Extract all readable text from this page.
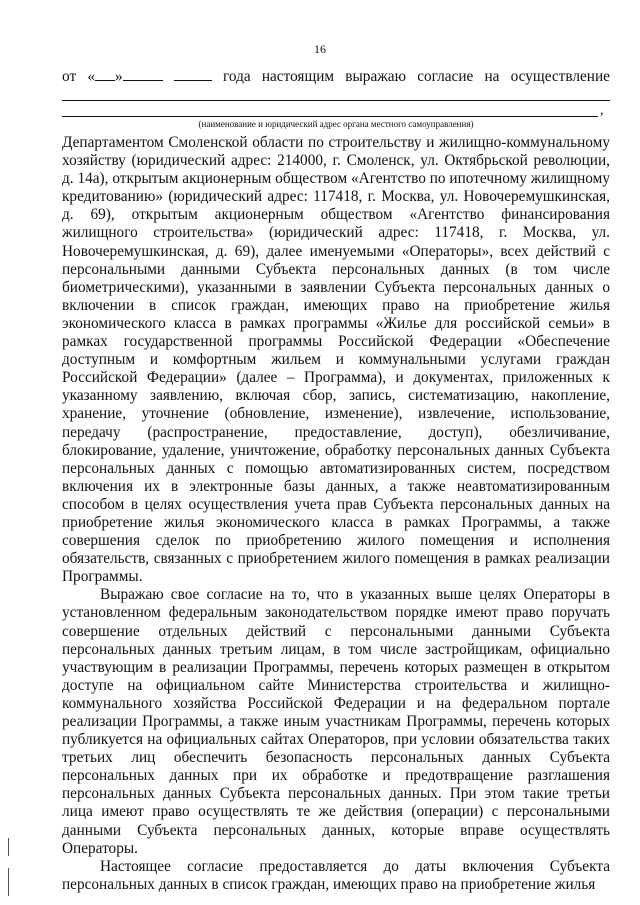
16
от « »	года настоящим выражаю согласие на осуществление
,
(наименование и юридический адрес органа местного самоуправления)

Департаментом Смоленской области по строительству и жилищно-коммунальному хозяйству (юридический адрес: 214000, г. Смоленск, ул. Октябрьской революции, д. 14а), открытым акционерным обществом «Агентство по ипотечному жилищному кредитованию» (юридический адрес: 117418, г. Москва, ул. Новочеремушкинская, д. 69), открытым акционерным обществом «Агентство финансирования жилищного строительства» (юридический адрес: 117418, г. Москва, ул. Новочеремушкинская, д. 69), далее именуемыми «Операторы», всех действий с персональными данными Субъекта персональных данных (в том числе биометрическими), указанными в заявлении Субъекта персональных данных о включении в список граждан, имеющих право на приобретение жилья экономического класса в рамках программы «Жилье для российской семьи» в рамках государственной программы Российской Федерации «Обеспечение доступным и комфортным жильем и коммунальными услугами граждан Российской Федерации» (далее – Программа), и документах, приложенных к указанному заявлению, включая сбор, запись, систематизацию, накопление, хранение, уточнение (обновление, изменение), извлечение, использование, передачу (распространение, предоставление, доступ), обезличивание, блокирование, удаление, уничтожение, обработку персональных данных Субъекта персональных данных с помощью автоматизированных систем, посредством включения их в электронные базы данных, а также неавтоматизированным способом в целях осуществления учета прав Субъекта персональных данных на приобретение жилья экономического класса в рамках Программы, а также совершения сделок по приобретению жилого помещения и исполнения обязательств, связанных с приобретением жилого помещения в рамках реализации Программы.

Выражаю свое согласие на то, что в указанных выше целях Операторы в установленном федеральным законодательством порядке имеют право поручать совершение отдельных действий с персональными данными Субъекта персональных данных третьим лицам, в том числе застройщикам, официально участвующим в реализации Программы, перечень которых размещен в открытом доступе на официальном сайте Министерства строительства и жилищно-коммунального хозяйства Российской Федерации и на федеральном портале реализации Программы, а также иным участникам Программы, перечень которых публикуется на официальных сайтах Операторов, при условии обязательства таких третьих лиц обеспечить безопасность персональных данных Субъекта персональных данных при их обработке и предотвращение разглашения персональных данных Субъекта персональных данных. При этом такие третьи лица имеют право осуществлять те же действия (операции) с персональными данными Субъекта персональных данных, которые вправе осуществлять Операторы.

Настоящее согласие предоставляется до даты включения Субъекта персональных данных в список граждан, имеющих право на приобретение жилья
